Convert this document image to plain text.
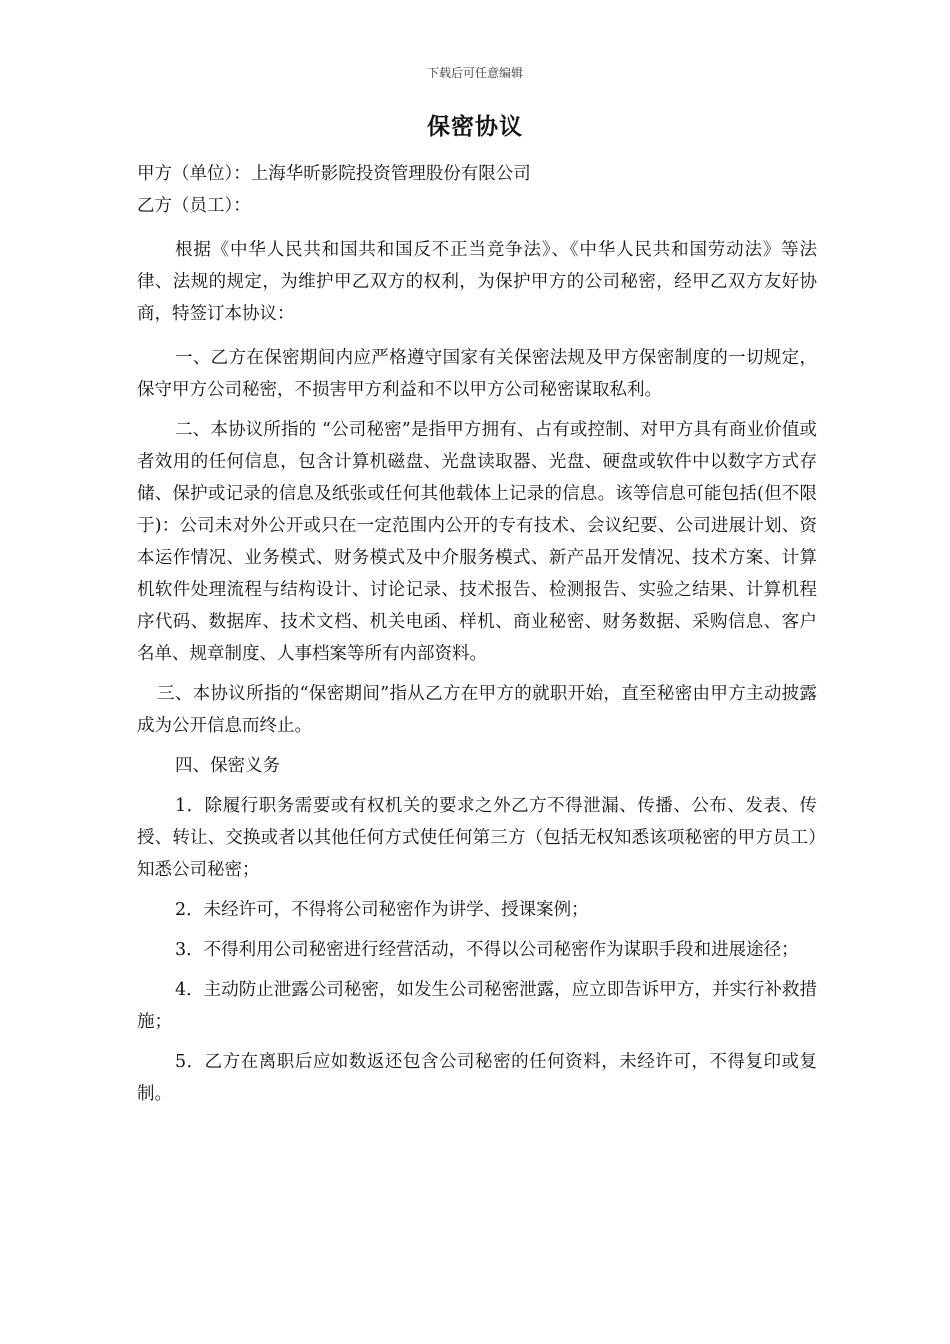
下载后可任意编辑
保密协议

甲方（单位）：上海华昕影院投资管理股份有限公司

乙方（员工）：

根据《中华人民共和国共和国反不正当竞争法》、《中华人民共和国劳动法》等法律、法规的规定，为维护甲乙双方的权利，为保护甲方的公司秘密，经甲乙双方友好协商，特签订本协议：

一、乙方在保密期间内应严格遵守国家有关保密法规及甲方保密制度的一切规定，保守甲方公司秘密，不损害甲方利益和不以甲方公司秘密谋取私利。

二、本协议所指的 “公司秘密”是指甲方拥有、占有或控制、对甲方具有商业价值或者效用的任何信息，包含计算机磁盘、光盘读取器、光盘、硬盘或软件中以数字方式存储、保护或记录的信息及纸张或任何其他载体上记录的信息。该等信息可能包括(但不限于)：公司未对外公开或只在一定范围内公开的专有技术、会议纪要、公司进展计划、资本运作情况、业务模式、财务模式及中介服务模式、新产品开发情况、技术方案、计算机软件处理流程与结构设计、讨论记录、技术报告、检测报告、实验之结果、计算机程序代码、数据库、技术文档、机关电函、样机、商业秘密、财务数据、采购信息、客户名单、规章制度、人事档案等所有内部资料。

三、本协议所指的“保密期间”指从乙方在甲方的就职开始，直至秘密由甲方主动披露成为公开信息而终止。

四、保密义务

1．除履行职务需要或有权机关的要求之外乙方不得泄漏、传播、公布、发表、传授、转让、交换或者以其他任何方式使任何第三方（包括无权知悉该项秘密的甲方员工）知悉公司秘密；

2．未经许可，不得将公司秘密作为讲学、授课案例；

3．不得利用公司秘密进行经营活动，不得以公司秘密作为谋职手段和进展途径；

4．主动防止泄露公司秘密，如发生公司秘密泄露，应立即告诉甲方，并实行补救措施；

5．乙方在离职后应如数返还包含公司秘密的任何资料，未经许可，不得复印或复制。
